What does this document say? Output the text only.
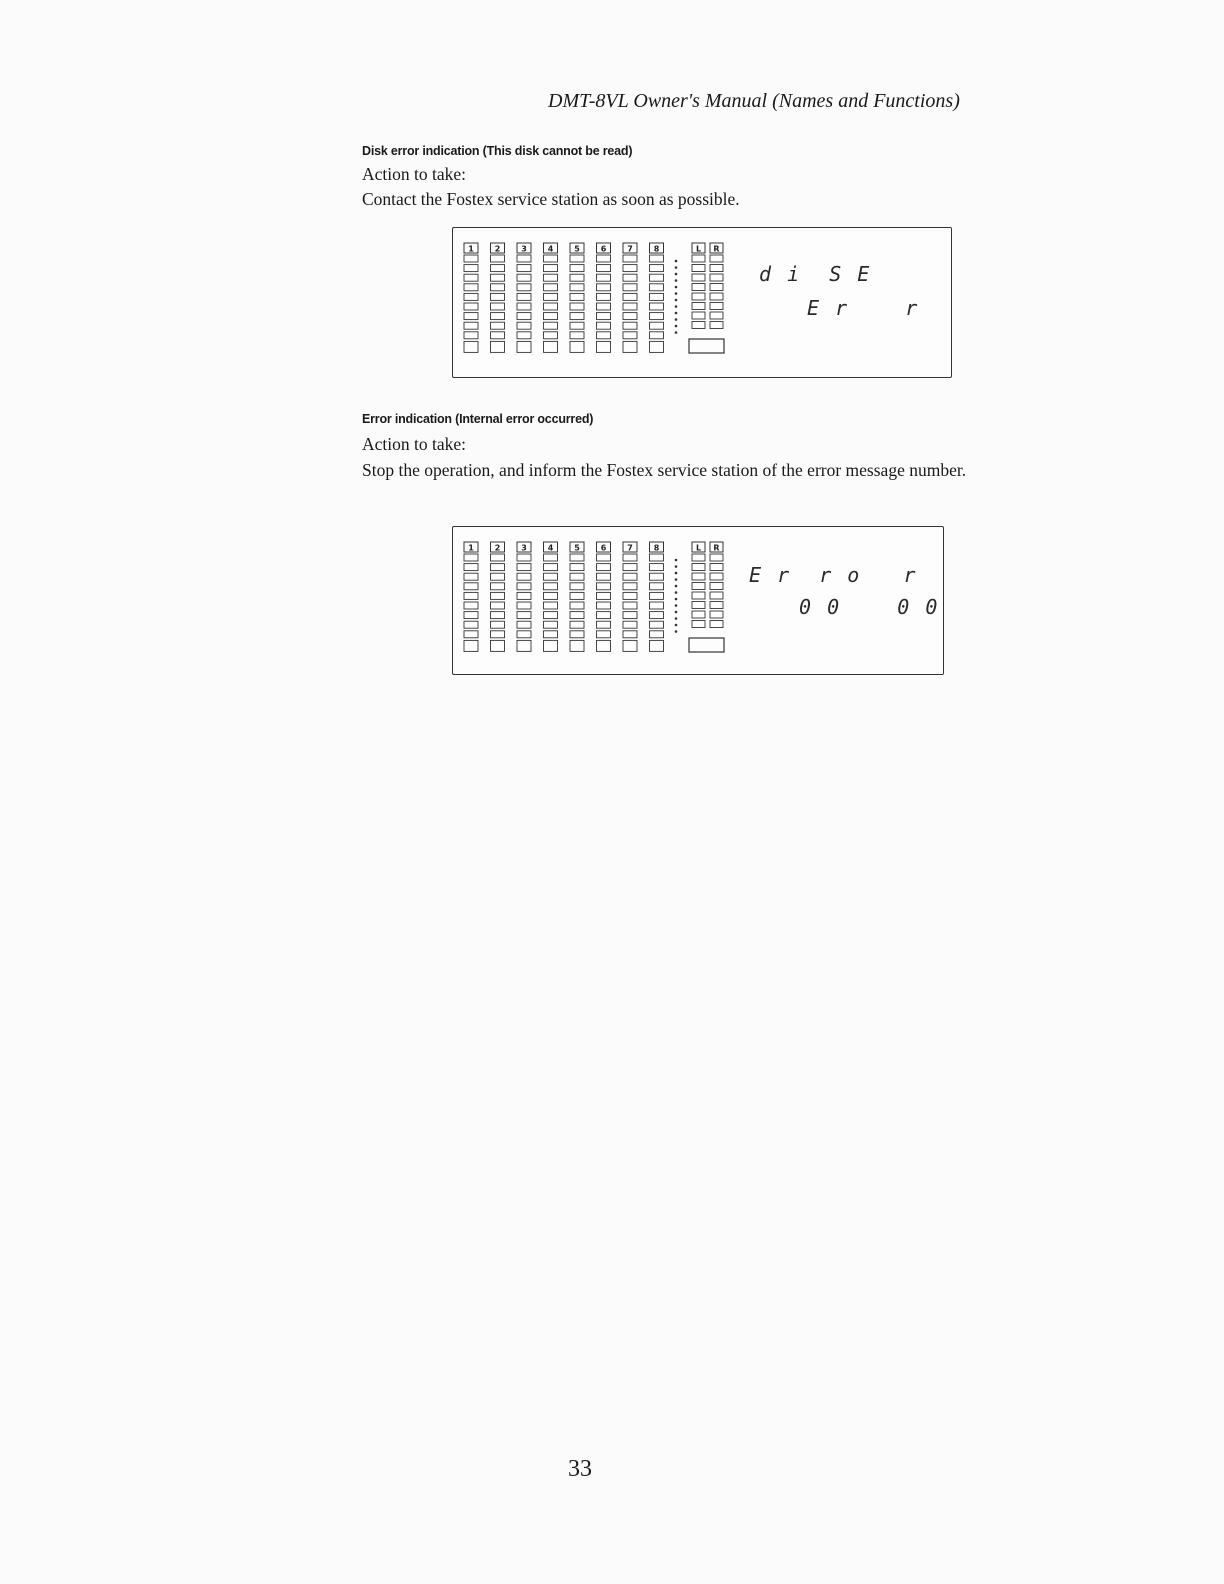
DMT-8VL Owner's Manual (Names and Functions)
Disk error indication (This disk cannot be read)
Action to take:
Contact the Fostex service station as soon as possible.
1	2	3	4	5	6	7	8	L R
d i  S E
E r    r
Error indication (Internal error occurred)
Action to take:
Stop the operation, and inform the Fostex service station of the error message number.
1	2	3	4	5	6	7	8	L R
E r  r o   r
0 0    0 0
33
